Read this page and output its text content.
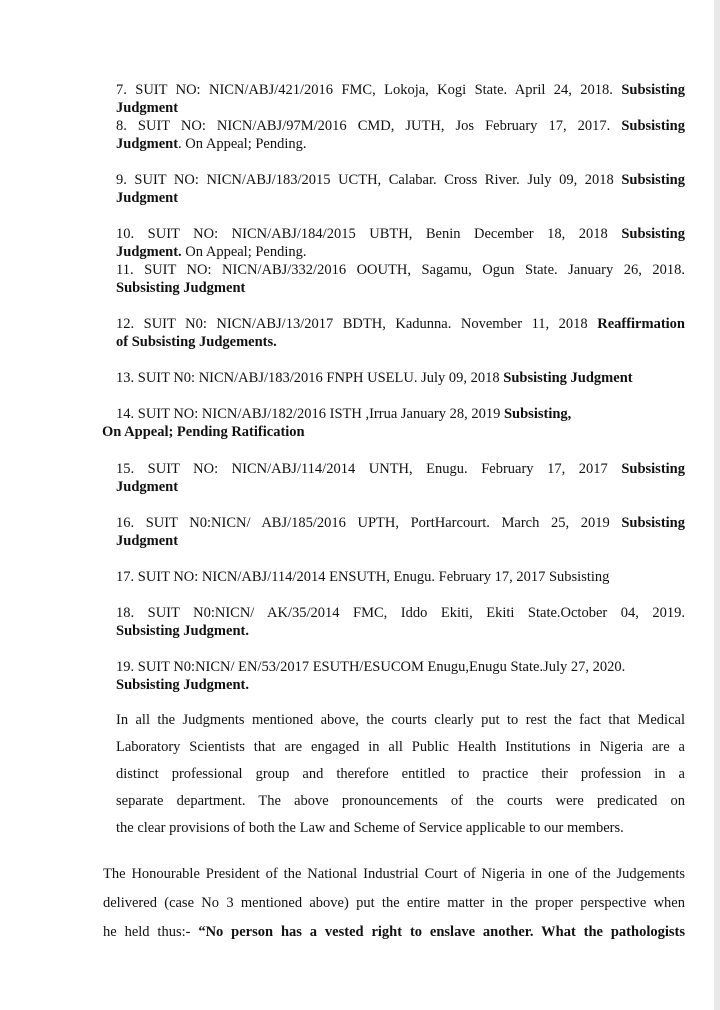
7. SUIT NO: NICN/ABJ/421/2016 FMC, Lokoja, Kogi State. April 24, 2018. Subsisting
Judgment
8. SUIT NO: NICN/ABJ/97M/2016 CMD, JUTH, Jos February 17, 2017. Subsisting
Judgment. On Appeal; Pending.
9. SUIT NO: NICN/ABJ/183/2015 UCTH, Calabar. Cross River. July 09, 2018 Subsisting
Judgment
10. SUIT NO: NICN/ABJ/184/2015 UBTH, Benin December 18, 2018 Subsisting
Judgment. On Appeal; Pending.
11. SUIT NO: NICN/ABJ/332/2016 OOUTH, Sagamu, Ogun State. January 26, 2018.
Subsisting Judgment
12. SUIT N0: NICN/ABJ/13/2017 BDTH, Kadunna. November 11, 2018 Reaffirmation
of Subsisting Judgements.
13. SUIT N0: NICN/ABJ/183/2016 FNPH USELU. July 09, 2018 Subsisting Judgment
14. SUIT NO: NICN/ABJ/182/2016 ISTH ,Irrua January 28, 2019 Subsisting,
On Appeal; Pending Ratification
15. SUIT NO: NICN/ABJ/114/2014 UNTH, Enugu. February 17, 2017 Subsisting
Judgment
16. SUIT N0:NICN/ ABJ/185/2016 UPTH, PortHarcourt. March 25, 2019 Subsisting
Judgment
17. SUIT NO: NICN/ABJ/114/2014 ENSUTH, Enugu. February 17, 2017 Subsisting
18. SUIT N0:NICN/ AK/35/2014 FMC, Iddo Ekiti, Ekiti State.October 04, 2019.
Subsisting Judgment.
19. SUIT N0:NICN/ EN/53/2017 ESUTH/ESUCOM Enugu,Enugu State.July 27, 2020.
Subsisting Judgment.
In all the Judgments mentioned above, the courts clearly put to rest the fact that Medical
Laboratory Scientists that are engaged in all Public Health Institutions in Nigeria are a
distinct professional group and therefore entitled to practice their profession in a
separate department. The above pronouncements of the courts were predicated on
the clear provisions of both the Law and Scheme of Service applicable to our members.
The Honourable President of the National Industrial Court of Nigeria in one of the Judgements
delivered (case No 3 mentioned above) put the entire matter in the proper perspective when
he held thus:- “No person has a vested right to enslave another. What the pathologists
